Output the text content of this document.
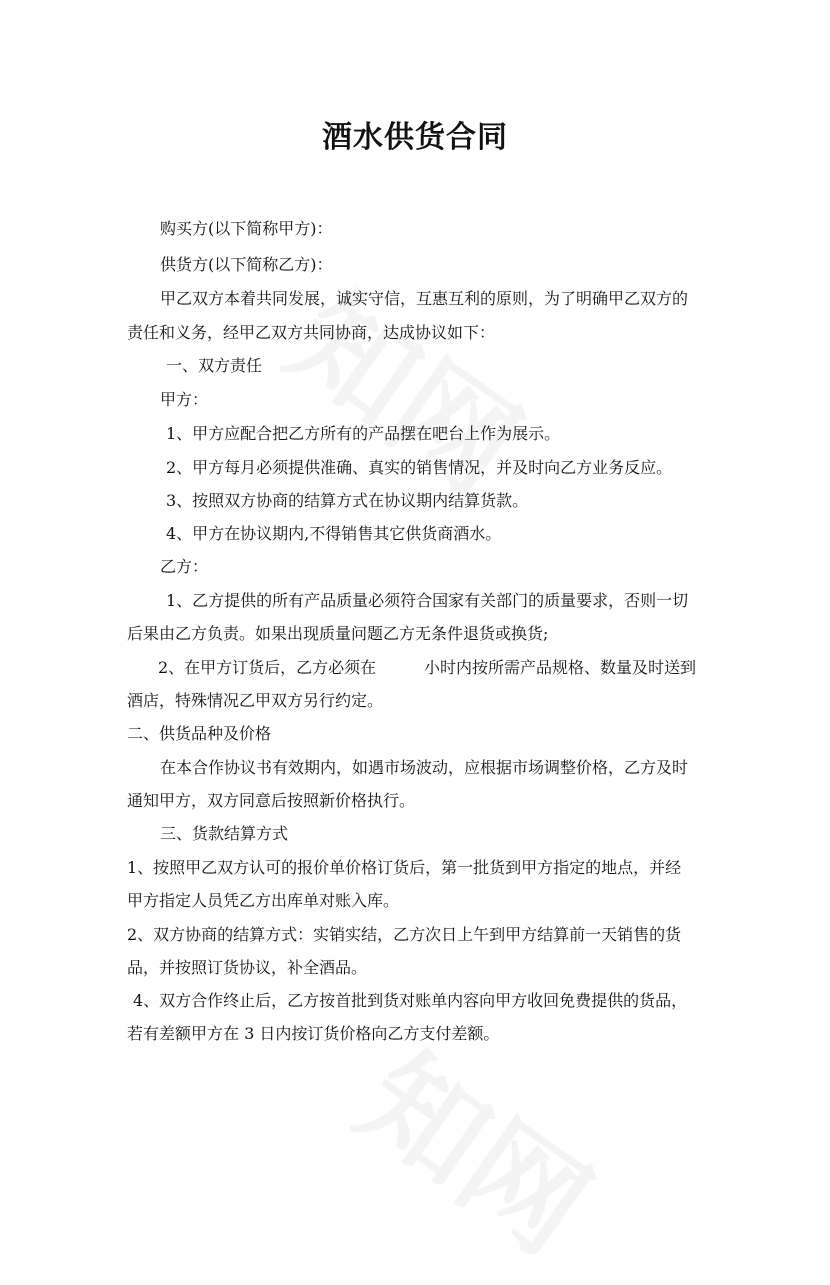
酒水供货合同
购买方(以下简称甲方)：
供货方(以下简称乙方)：
甲乙双方本着共同发展，诚实守信，互惠互利的原则，为了明确甲乙双方的
责任和义务，经甲乙双方共同协商，达成协议如下：
一、双方责任
甲方：
1、甲方应配合把乙方所有的产品摆在吧台上作为展示。
2、甲方每月必须提供准确、真实的销售情况，并及时向乙方业务反应。
3、按照双方协商的结算方式在协议期内结算货款。
4、甲方在协议期内,不得销售其它供货商酒水。
乙方：
1、乙方提供的所有产品质量必须符合国家有关部门的质量要求，否则一切
后果由乙方负责。如果出现质量问题乙方无条件退货或换货;
2、在甲方订货后，乙方必须在	小时内按所需产品规格、数量及时送到
酒店，特殊情况乙甲双方另行约定。
二、供货品种及价格
在本合作协议书有效期内，如遇市场波动，应根据市场调整价格，乙方及时
通知甲方，双方同意后按照新价格执行。
三、货款结算方式
1、按照甲乙双方认可的报价单价格订货后，第一批货到甲方指定的地点，并经
甲方指定人员凭乙方出库单对账入库。
2、双方协商的结算方式：实销实结，乙方次日上午到甲方结算前一天销售的货
品，并按照订货协议，补全酒品。
4、双方合作终止后，乙方按首批到货对账单内容向甲方收回免费提供的货品，
若有差额甲方在 3 日内按订货价格向乙方支付差额。
